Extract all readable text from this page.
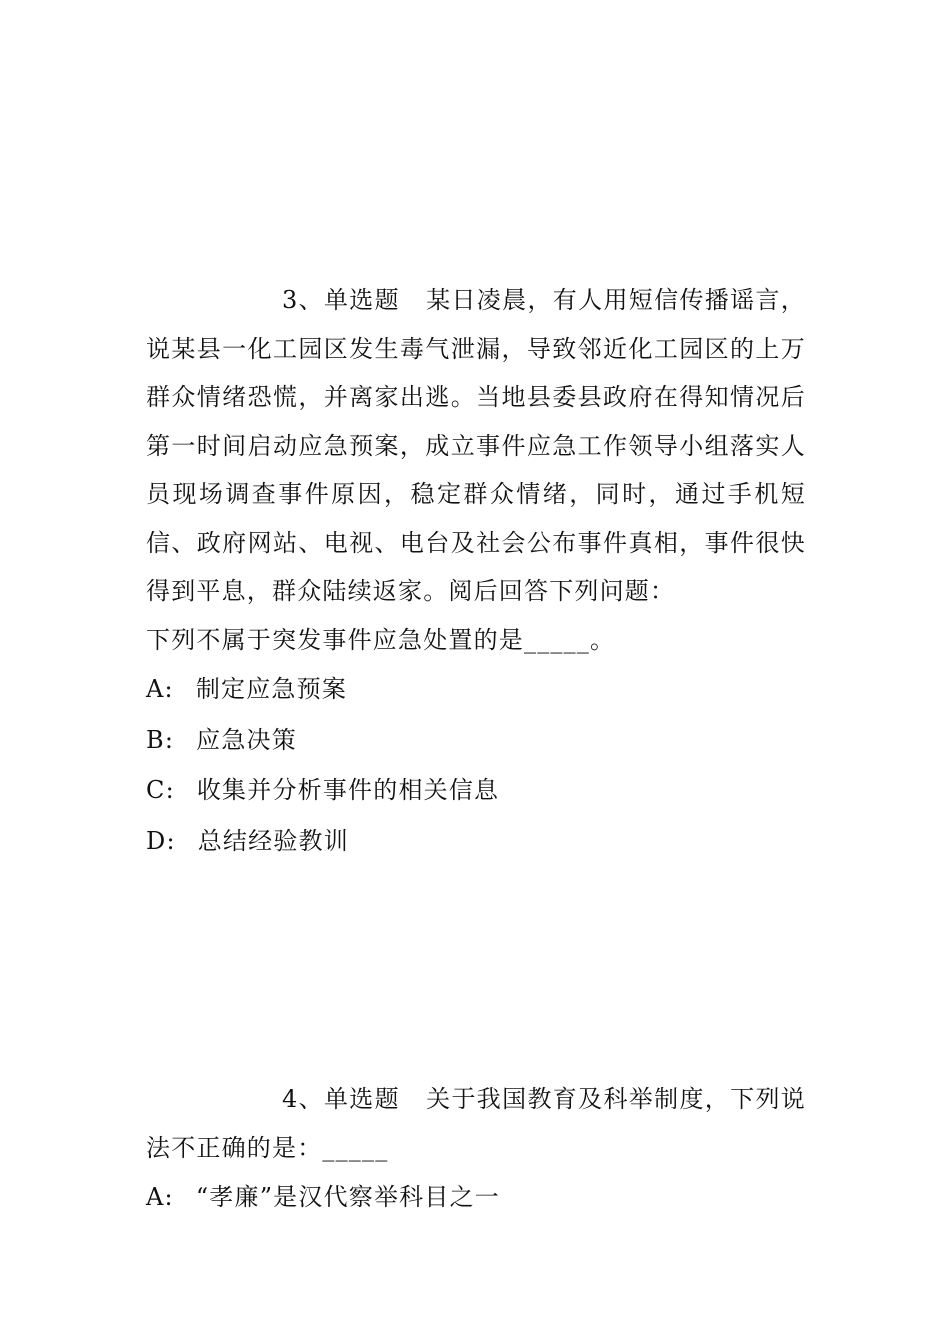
3、单选题 某日凌晨，有人用短信传播谣言，说某县一化工园区发生毒气泄漏，导致邻近化工园区的上万群众情绪恐慌，并离家出逃。当地县委县政府在得知情况后第一时间启动应急预案，成立事件应急工作领导小组落实人员现场调查事件原因，稳定群众情绪，同时，通过手机短信、政府网站、电视、电台及社会公布事件真相，事件很快得到平息，群众陆续返家。阅后回答下列问题：

下列不属于突发事件应急处置的是_____。

A: 制定应急预案
B: 应急决策
C: 收集并分析事件的相关信息
D: 总结经验教训

4、单选题 关于我国教育及科举制度，下列说法不正确的是：_____

A: “孝廉”是汉代察举科目之一
